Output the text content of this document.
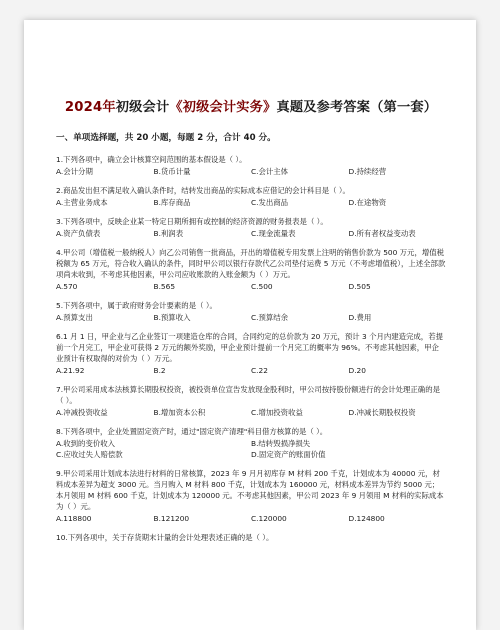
2024年初级会计《初级会计实务》真题及参考答案（第一套）
一、单项选择题，共 20 小题，每题 2 分，合计 40 分。

1.下列各项中，确立会计核算空间范围的基本假设是（ ）。

A.会计分期	B.货币计量	C.会计主体	D.持续经营

2.商品发出但不满足收入确认条件时，结转发出商品的实际成本应借记的会计科目是（ ）。

A.主营业务成本	B.库存商品	C.发出商品	D.在途物资

3.下列各项中，反映企业某一特定日期所拥有或控制的经济资源的财务报表是（ ）。

A.资产负债表	B.利润表	C.现金流量表	D.所有者权益变动表

4.甲公司（增值税一般纳税人）向乙公司销售一批商品，开出的增值税专用发票上注明的销售价款为 500 万元，增值税税额为 65 万元，符合收入确认的条件，同时甲公司以银行存款代乙公司垫付运费 5 万元（不考虑增值税），上述全部款项尚未收到，不考虑其他因素，甲公司应收账款的入账金额为（ ）万元。

A.570	B.565	C.500	D.505

5.下列各项中，属于政府财务会计要素的是（ ）。

A.预算支出	B.预算收入	C.预算结余	D.费用

6.1 月 1 日，甲企业与乙企业签订一项建造仓库的合同，合同约定的总价款为 20 万元，预计 3 个月内建造完成，若提前一个月完工，甲企业可获得 2 万元的额外奖励，甲企业预计提前一个月完工的概率为 96%。不考虑其他因素，甲企业预计有权取得的对价为（ ）万元。

A.21.92	B.2	C.22	D.20

7.甲公司采用成本法核算长期股权投资，被投资单位宣告发放现金股利时，甲公司按持股份额进行的会计处理正确的是（ ）。

A.冲减投资收益	B.增加资本公积	C.增加投资收益	D.冲减长期股权投资

8.下列各项中，企业处置固定资产时，通过"固定资产清理"科目借方核算的是（ ）。

A.收到的变价收入	B.结转毁损净损失
C.应收过失人赔偿款	D.固定资产的账面价值

9.甲公司采用计划成本法进行材料的日常核算，2023 年 9 月月初库存 M 材料 200 千克，计划成本为 40000 元，材料成本差异为超支 3000 元。当月购入 M 材料 800 千克，计划成本为 160000 元，材料成本差异为节约 5000 元；本月领用 M 材料 600 千克，计划成本为 120000 元。不考虑其他因素，甲公司 2023 年 9 月领用 M 材料的实际成本为（ ）元。

A.118800	B.121200	C.120000	D.124800

10.下列各项中，关于存货期末计量的会计处理表述正确的是（ ）。
